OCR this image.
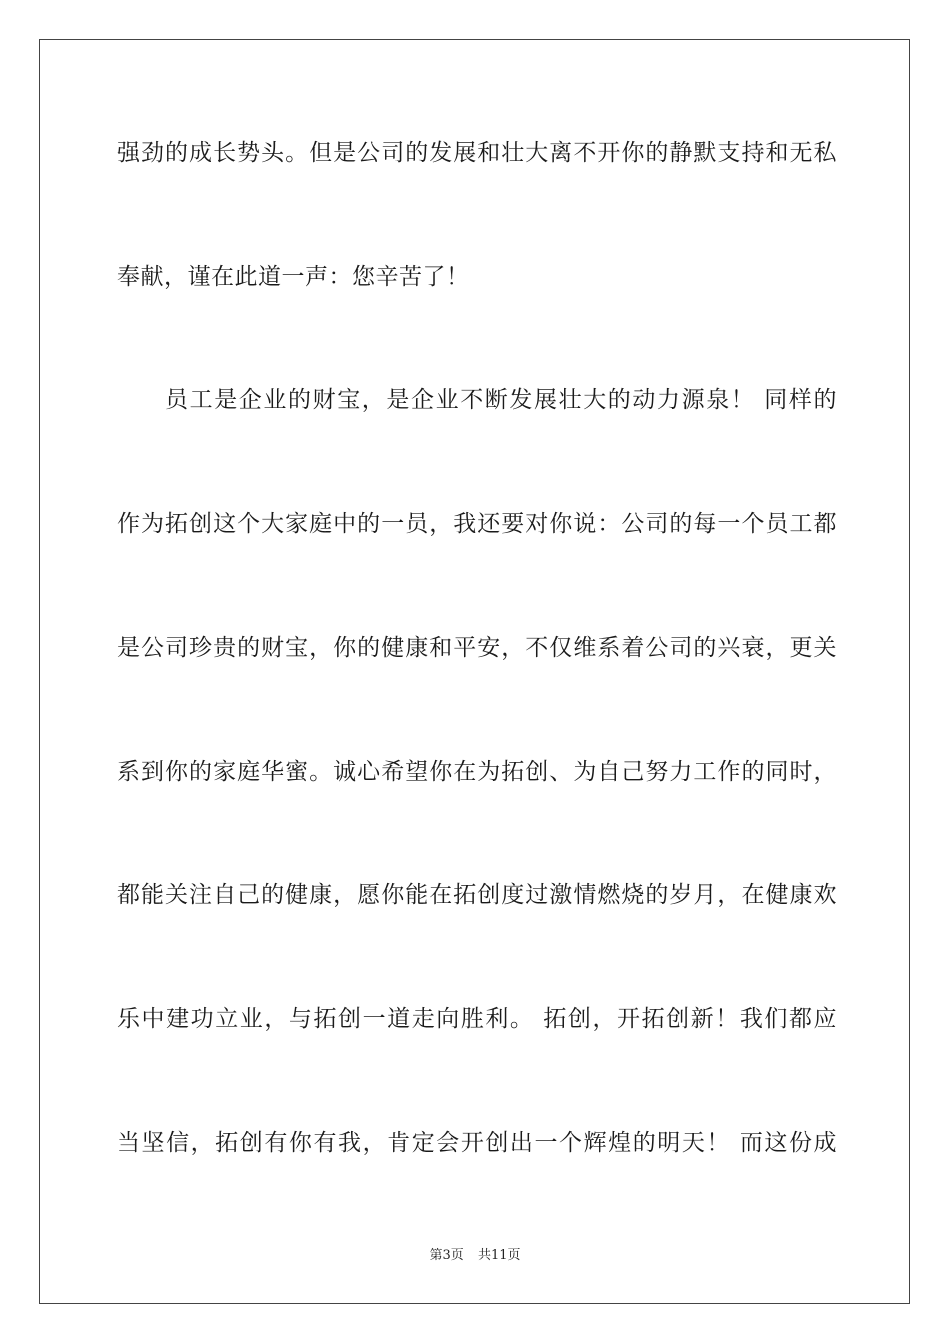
强劲的成长势头。但是公司的发展和壮大离不开你的静默支持和无私
奉献，谨在此道一声：您辛苦了！
员工是企业的财宝，是企业不断发展壮大的动力源泉！ 同样的
作为拓创这个大家庭中的一员，我还要对你说：公司的每一个员工都
是公司珍贵的财宝，你的健康和平安，不仅维系着公司的兴衰，更关
系到你的家庭华蜜。诚心希望你在为拓创、为自己努力工作的同时，
都能关注自己的健康，愿你能在拓创度过激情燃烧的岁月，在健康欢
乐中建功立业，与拓创一道走向胜利。 拓创，开拓创新！我们都应
当坚信，拓创有你有我，肯定会开创出一个辉煌的明天！ 而这份成
第3页 共11页
